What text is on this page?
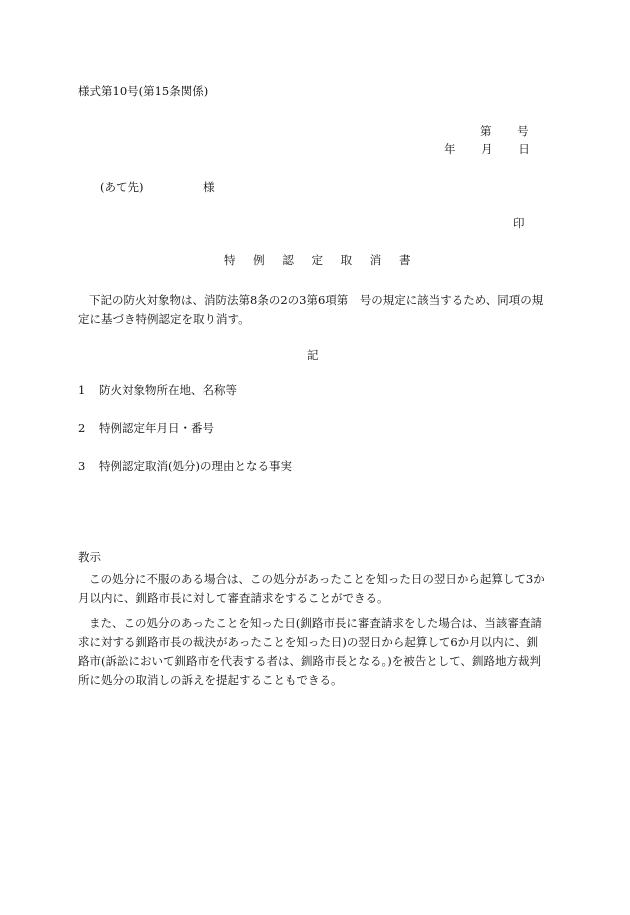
様式第10号(第15条関係)
第 号
年 月 日
(あて先)	様
印
特 例 認 定 取 消 書
下記の防火対象物は、消防法第8条の2の3第6項第　号の規定に該当するため、同項の規定に基づき特例認定を取り消す。
記
1 防火対象物所在地、名称等
2 特例認定年月日・番号
3 特例認定取消(処分)の理由となる事実
教示
この処分に不服のある場合は、この処分があったことを知った日の翌日から起算して3か月以内に、釧路市長に対して審査請求をすることができる。
また、この処分のあったことを知った日(釧路市長に審査請求をした場合は、当該審査請求に対する釧路市長の裁決があったことを知った日)の翌日から起算して6か月以内に、釧路市(訴訟において釧路市を代表する者は、釧路市長となる。)を被告として、釧路地方裁判所に処分の取消しの訴えを提起することもできる。
